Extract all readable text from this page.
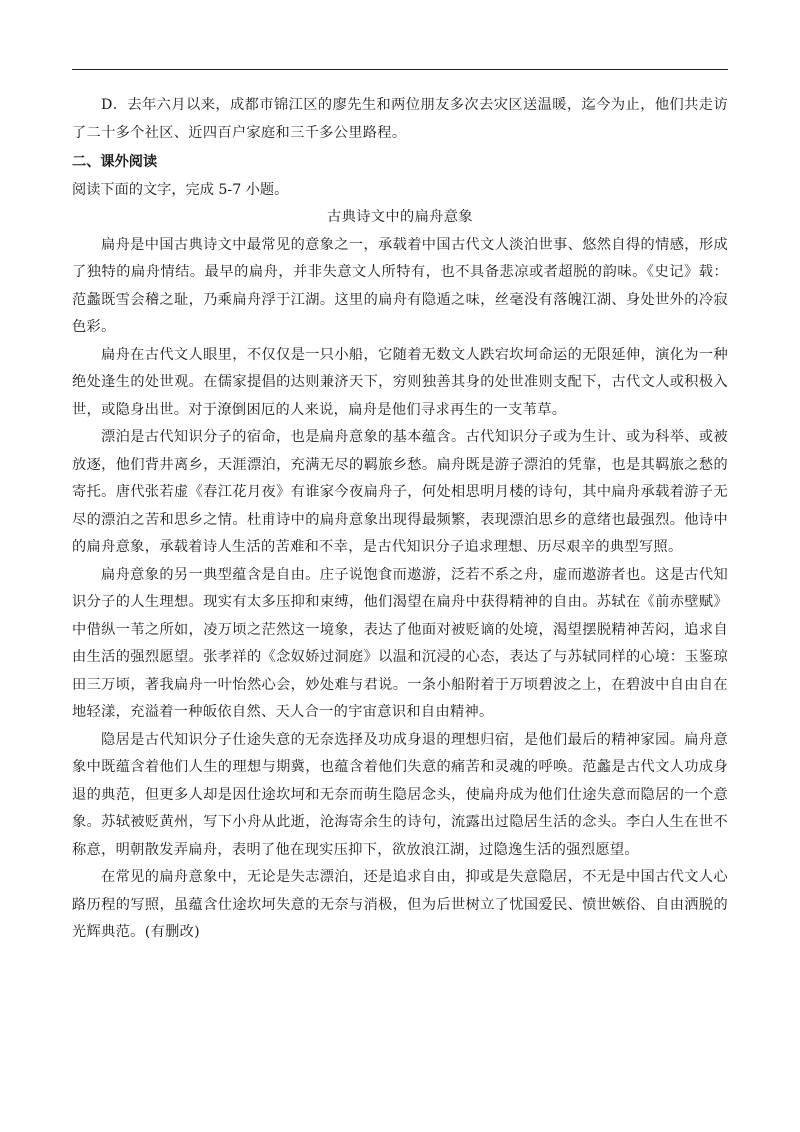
D．去年六月以来，成都市锦江区的廖先生和两位朋友多次去灾区送温暖，迄今为止，他们共走访了二十多个社区、近四百户家庭和三千多公里路程。

二、课外阅读

阅读下面的文字，完成 5-7 小题。

古典诗文中的扁舟意象

扁舟是中国古典诗文中最常见的意象之一，承载着中国古代文人淡泊世事、悠然自得的情感，形成了独特的扁舟情结。最早的扁舟，并非失意文人所特有，也不具备悲凉或者超脱的韵味。《史记》载：范蠡既雪会稽之耻，乃乘扁舟浮于江湖。这里的扁舟有隐遁之味，丝毫没有落魄江湖、身处世外的冷寂色彩。

扁舟在古代文人眼里，不仅仅是一只小船，它随着无数文人跌宕坎坷命运的无限延伸，演化为一种绝处逢生的处世观。在儒家提倡的达则兼济天下，穷则独善其身的处世准则支配下，古代文人或积极入世，或隐身出世。对于潦倒困厄的人来说，扁舟是他们寻求再生的一支苇草。

漂泊是古代知识分子的宿命，也是扁舟意象的基本蕴含。古代知识分子或为生计、或为科举、或被放逐，他们背井离乡，天涯漂泊，充满无尽的羁旅乡愁。扁舟既是游子漂泊的凭靠，也是其羁旅之愁的寄托。唐代张若虚《春江花月夜》有谁家今夜扁舟子，何处相思明月楼的诗句，其中扁舟承载着游子无尽的漂泊之苦和思乡之情。杜甫诗中的扁舟意象出现得最频繁，表现漂泊思乡的意绪也最强烈。他诗中的扁舟意象，承载着诗人生活的苦难和不幸，是古代知识分子追求理想、历尽艰辛的典型写照。

扁舟意象的另一典型蕴含是自由。庄子说饱食而遨游，泛若不系之舟，虚而遨游者也。这是古代知识分子的人生理想。现实有太多压抑和束缚，他们渴望在扁舟中获得精神的自由。苏轼在《前赤壁赋》中借纵一苇之所如，凌万顷之茫然这一境象，表达了他面对被贬谪的处境，渴望摆脱精神苦闷，追求自由生活的强烈愿望。张孝祥的《念奴娇过洞庭》以温和沉浸的心态，表达了与苏轼同样的心境：玉鉴琼田三万顷，著我扁舟一叶怡然心会，妙处难与君说。一条小船附着于万顷碧波之上，在碧波中自由自在地轻漾，充溢着一种皈依自然、天人合一的宇宙意识和自由精神。

隐居是古代知识分子仕途失意的无奈选择及功成身退的理想归宿，是他们最后的精神家园。扁舟意象中既蕴含着他们人生的理想与期冀，也蕴含着他们失意的痛苦和灵魂的呼唤。范蠡是古代文人功成身退的典范，但更多人却是因仕途坎坷和无奈而萌生隐居念头，使扁舟成为他们仕途失意而隐居的一个意象。苏轼被贬黄州，写下小舟从此逝，沧海寄余生的诗句，流露出过隐居生活的念头。李白人生在世不称意，明朝散发弄扁舟，表明了他在现实压抑下，欲放浪江湖，过隐逸生活的强烈愿望。

在常见的扁舟意象中，无论是失志漂泊，还是追求自由，抑或是失意隐居，不无是中国古代文人心路历程的写照，虽蕴含仕途坎坷失意的无奈与消极，但为后世树立了忧国爱民、愤世嫉俗、自由洒脱的光辉典范。(有删改)
